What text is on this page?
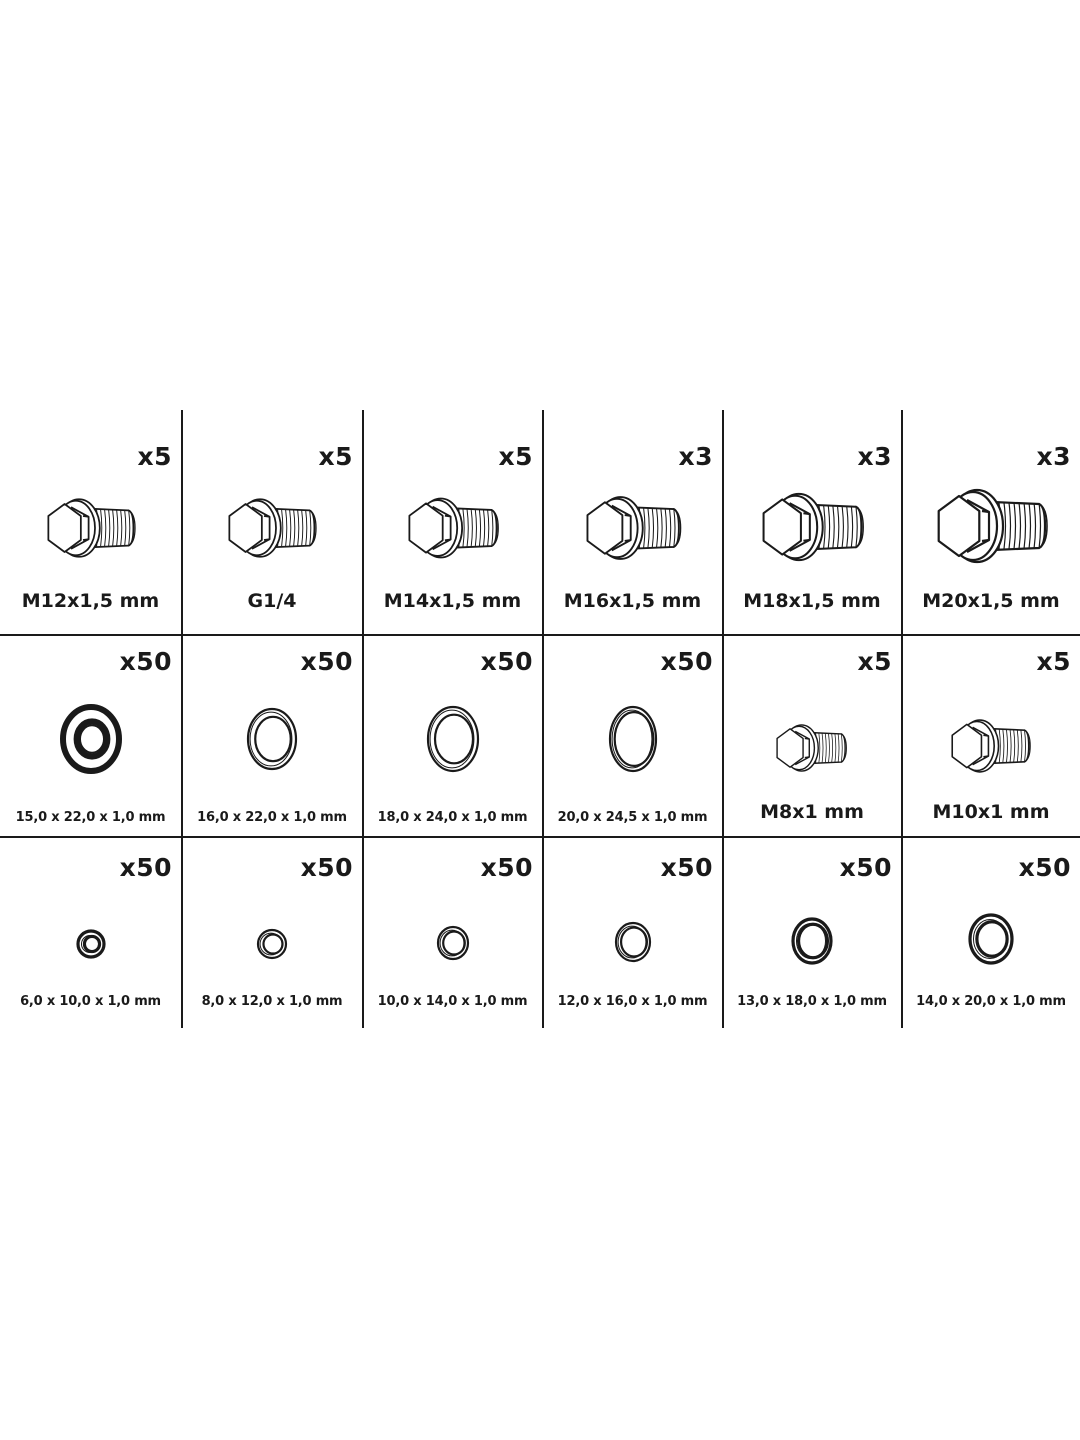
x5
M12x1,5 mm
x5
G1/4
x5
M14x1,5 mm
x3
M16x1,5 mm
x3
M18x1,5 mm
x3
M20x1,5 mm
x50
15,0 x 22,0 x 1,0 mm
x50
16,0 x 22,0 x 1,0 mm
x50
18,0 x 24,0 x 1,0 mm
x50
20,0 x 24,5 x 1,0 mm
x5
M8x1 mm
x5
M10x1 mm
x50
6,0 x 10,0 x 1,0 mm
x50
8,0 x 12,0 x 1,0 mm
x50
10,0 x 14,0 x 1,0 mm
x50
12,0 x 16,0 x 1,0 mm
x50
13,0 x 18,0 x 1,0 mm
x50
14,0 x 20,0 x 1,0 mm
